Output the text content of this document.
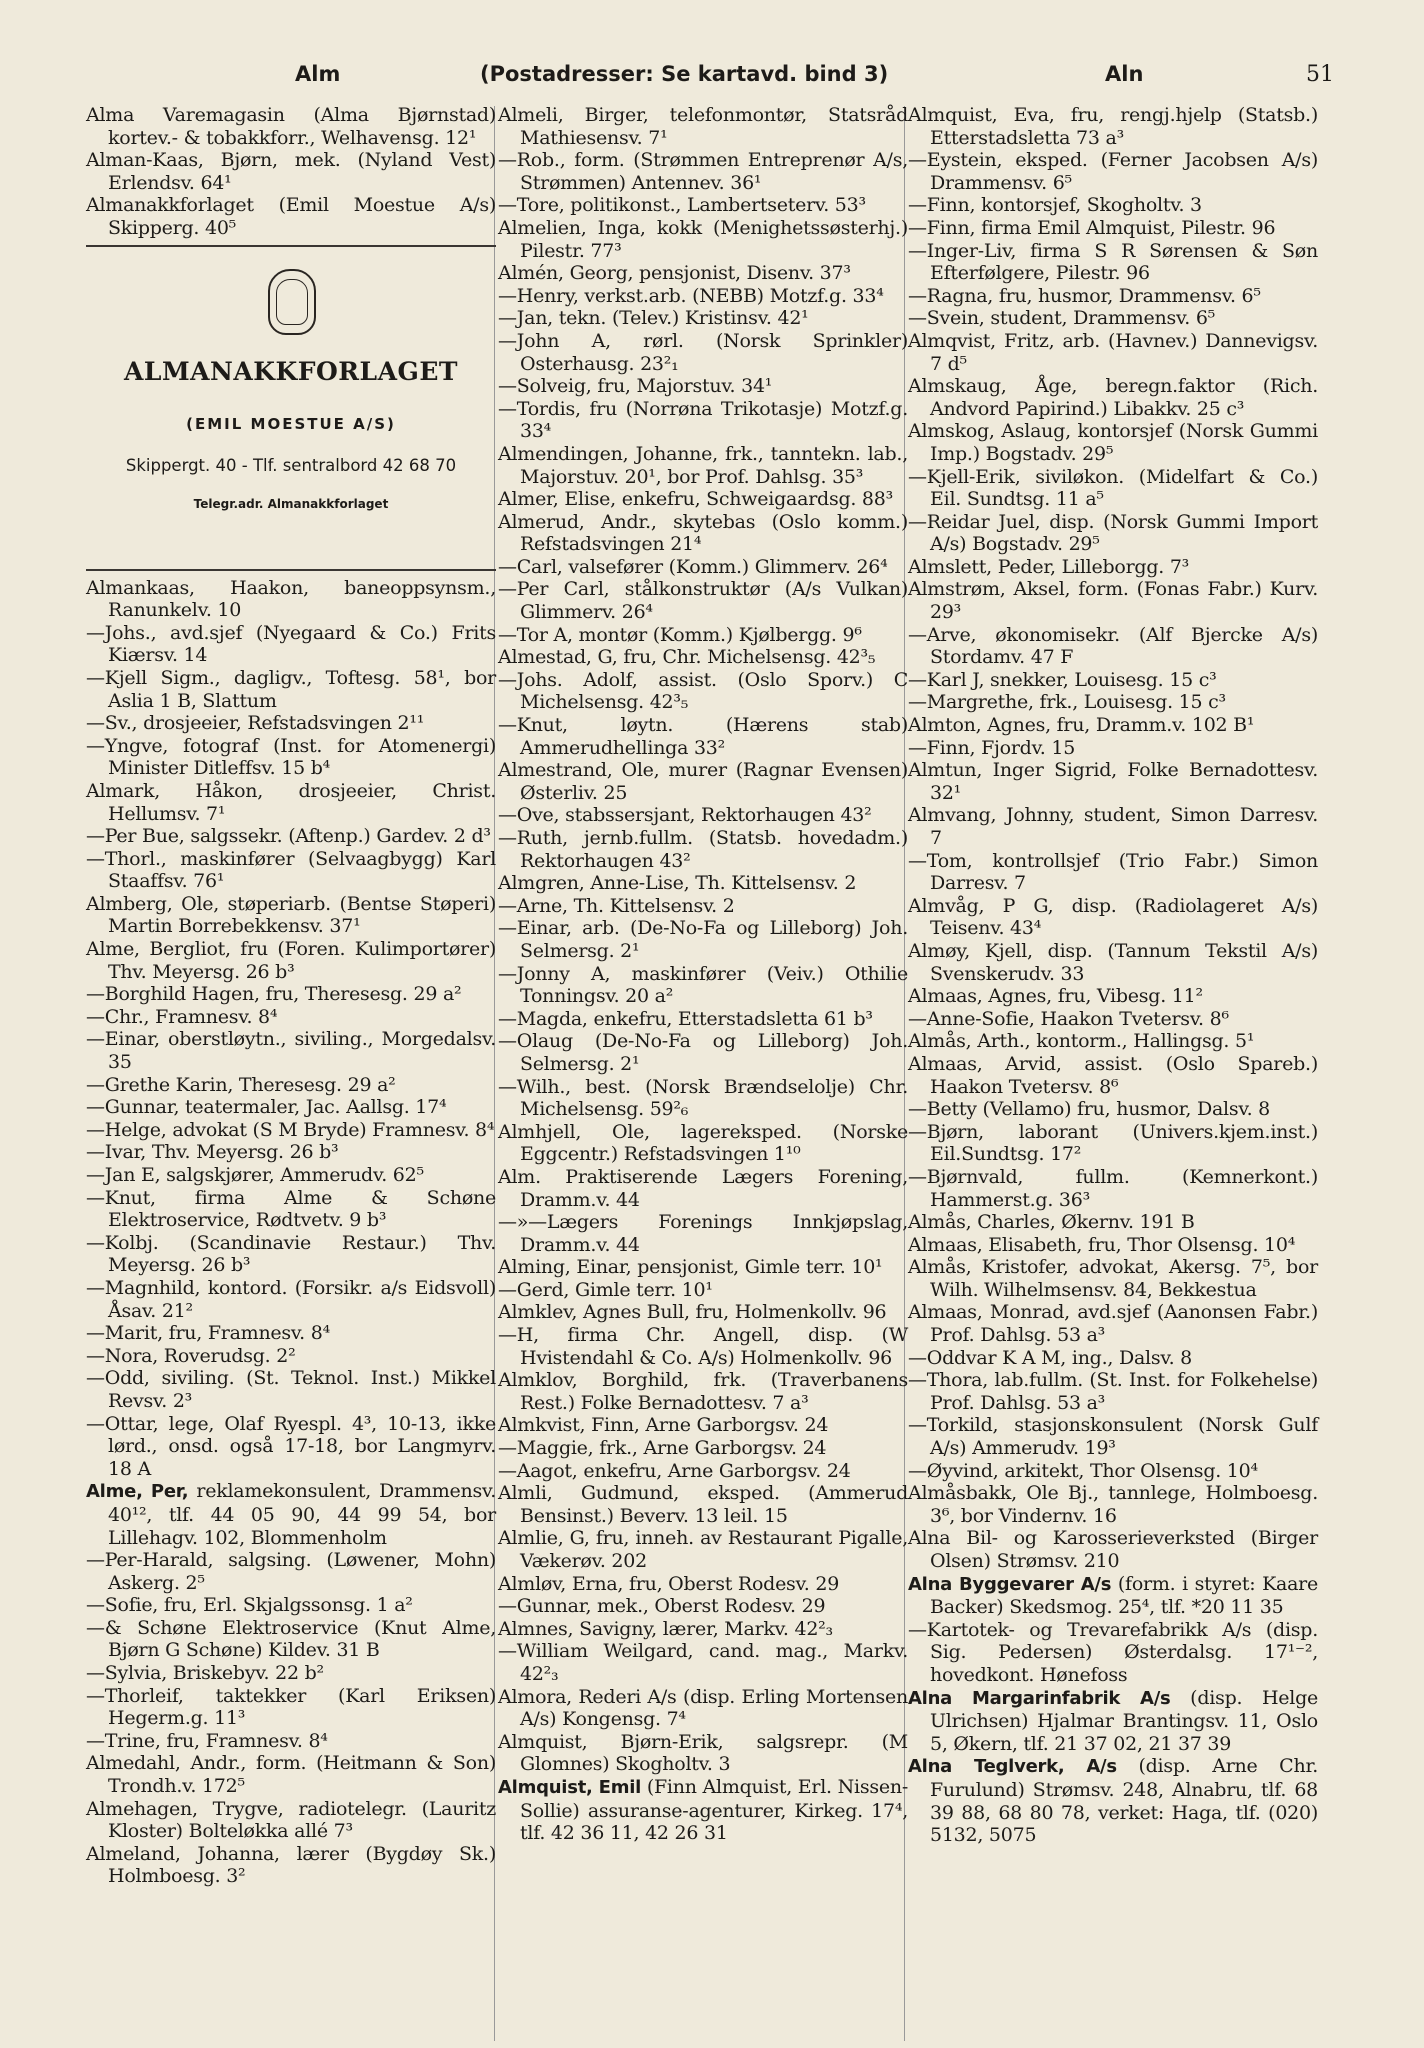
Alm	(Postadresser: Se kartavd. bind 3)	Aln	51

Alma Varemagasin (Alma Bjørnstad) kortev.- & tobakkforr., Welhavensg. 12¹

Alman-Kaas, Bjørn, mek. (Nyland Vest) Erlendsv. 64¹

Almanakkforlaget (Emil Moestue A/s) Skipperg. 40⁵

ALMANAKKFORLAGET
(EMIL MOESTUE A/S)
Skippergt. 40 - Tlf. sentralbord 42 68 70
Telegr.adr. Almanakkforlaget

Almankaas, Haakon, baneoppsynsm., Ranunkelv. 10

—Johs., avd.sjef (Nyegaard & Co.) Frits Kiærsv. 14

—Kjell Sigm., dagligv., Toftesg. 58¹, bor Aslia 1 B, Slattum

—Sv., drosjeeier, Refstadsvingen 2¹¹

—Yngve, fotograf (Inst. for Atomenergi) Minister Ditleffsv. 15 b⁴

Almark, Håkon, drosjeeier, Christ. Hellumsv. 7¹

—Per Bue, salgssekr. (Aftenp.) Gardev. 2 d³

—Thorl., maskinfører (Selvaagbygg) Karl Staaffsv. 76¹

Almberg, Ole, støperiarb. (Bentse Støperi) Martin Borrebekkensv. 37¹

Alme, Bergliot, fru (Foren. Kulimportører) Thv. Meyersg. 26 b³

—Borghild Hagen, fru, Theresesg. 29 a²

—Chr., Framnesv. 8⁴

—Einar, oberstløytn., siviling., Morgedalsv. 35

—Grethe Karin, Theresesg. 29 a²

—Gunnar, teatermaler, Jac. Aallsg. 17⁴

—Helge, advokat (S M Bryde) Framnesv. 8⁴

—Ivar, Thv. Meyersg. 26 b³

—Jan E, salgskjører, Ammerudv. 62⁵

—Knut, firma Alme & Schøne Elektroservice, Rødtvetv. 9 b³

—Kolbj. (Scandinavie Restaur.) Thv. Meyersg. 26 b³

—Magnhild, kontord. (Forsikr. a/s Eidsvoll) Åsav. 21²

—Marit, fru, Framnesv. 8⁴

—Nora, Roverudsg. 2²

—Odd, siviling. (St. Teknol. Inst.) Mikkel Revsv. 2³

—Ottar, lege, Olaf Ryespl. 4³, 10-13, ikke lørd., onsd. også 17-18, bor Langmyrv. 18 A

Alme, Per, reklamekonsulent, Drammensv. 40¹², tlf. 44 05 90, 44 99 54, bor Lillehagv. 102, Blommenholm

—Per-Harald, salgsing. (Løwener, Mohn) Askerg. 2⁵

—Sofie, fru, Erl. Skjalgssonsg. 1 a²

—& Schøne Elektroservice (Knut Alme, Bjørn G Schøne) Kildev. 31 B

—Sylvia, Briskebyv. 22 b²

—Thorleif, taktekker (Karl Eriksen) Hegerm.g. 11³

—Trine, fru, Framnesv. 8⁴

Almedahl, Andr., form. (Heitmann & Son) Trondh.v. 172⁵

Almehagen, Trygve, radiotelegr. (Lauritz Kloster) Bolteløkka allé 7³

Almeland, Johanna, lærer (Bygdøy Sk.) Holmboesg. 3²

Almeli, Birger, telefonmontør, Statsråd Mathiesensv. 7¹

—Rob., form. (Strømmen Entreprenør A/s, Strømmen) Antennev. 36¹

—Tore, politikonst., Lambertseterv. 53³

Almelien, Inga, kokk (Menighetssøsterhj.) Pilestr. 77³

Almén, Georg, pensjonist, Disenv. 37³

—Henry, verkst.arb. (NEBB) Motzf.g. 33⁴

—Jan, tekn. (Telev.) Kristinsv. 42¹

—John A, rørl. (Norsk Sprinkler) Osterhausg. 23²₁

—Solveig, fru, Majorstuv. 34¹

—Tordis, fru (Norrøna Trikotasje) Motzf.g. 33⁴

Almendingen, Johanne, frk., tanntekn. lab., Majorstuv. 20¹, bor Prof. Dahlsg. 35³

Almer, Elise, enkefru, Schweigaardsg. 88³

Almerud, Andr., skytebas (Oslo komm.) Refstadsvingen 21⁴

—Carl, valsefører (Komm.) Glimmerv. 26⁴

—Per Carl, stålkonstruktør (A/s Vulkan) Glimmerv. 26⁴

—Tor A, montør (Komm.) Kjølbergg. 9⁶

Almestad, G, fru, Chr. Michelsensg. 42³₅

—Johs. Adolf, assist. (Oslo Sporv.) C Michelsensg. 42³₅

—Knut, løytn. (Hærens stab) Ammerudhellinga 33²

Almestrand, Ole, murer (Ragnar Evensen) Østerliv. 25

—Ove, stabssersjant, Rektorhaugen 43²

—Ruth, jernb.fullm. (Statsb. hovedadm.) Rektorhaugen 43²

Almgren, Anne-Lise, Th. Kittelsensv. 2

—Arne, Th. Kittelsensv. 2

—Einar, arb. (De-No-Fa og Lilleborg) Joh. Selmersg. 2¹

—Jonny A, maskinfører (Veiv.) Othilie Tonningsv. 20 a²

—Magda, enkefru, Etterstadsletta 61 b³

—Olaug (De-No-Fa og Lilleborg) Joh. Selmersg. 2¹

—Wilh., best. (Norsk Brændselolje) Chr. Michelsensg. 59²₆

Almhjell, Ole, lagereksped. (Norske Eggcentr.) Refstadsvingen 1¹⁰

Alm. Praktiserende Lægers Forening, Dramm.v. 44

—»—Lægers Forenings Innkjøpslag, Dramm.v. 44

Alming, Einar, pensjonist, Gimle terr. 10¹

—Gerd, Gimle terr. 10¹

Almklev, Agnes Bull, fru, Holmenkollv. 96

—H, firma Chr. Angell, disp. (W Hvistendahl & Co. A/s) Holmenkollv. 96

Almklov, Borghild, frk. (Traverbanens Rest.) Folke Bernadottesv. 7 a³

Almkvist, Finn, Arne Garborgsv. 24

—Maggie, frk., Arne Garborgsv. 24

—Aagot, enkefru, Arne Garborgsv. 24

Almli, Gudmund, eksped. (Ammerud Bensinst.) Beverv. 13 leil. 15

Almlie, G, fru, inneh. av Restaurant Pigalle, Vækerøv. 202

Almløv, Erna, fru, Oberst Rodesv. 29

—Gunnar, mek., Oberst Rodesv. 29

Almnes, Savigny, lærer, Markv. 42²₃

—William Weilgard, cand. mag., Markv. 42²₃

Almora, Rederi A/s (disp. Erling Mortensen A/s) Kongensg. 7⁴

Almquist, Bjørn-Erik, salgsrepr. (M Glomnes) Skogholtv. 3

Almquist, Emil (Finn Almquist, Erl. Nissen-Sollie) assuranse-agenturer, Kirkeg. 17⁴, tlf. 42 36 11, 42 26 31

Almquist, Eva, fru, rengj.hjelp (Statsb.) Etterstadsletta 73 a³

—Eystein, eksped. (Ferner Jacobsen A/s) Drammensv. 6⁵

—Finn, kontorsjef, Skogholtv. 3

—Finn, firma Emil Almquist, Pilestr. 96

—Inger-Liv, firma S R Sørensen & Søn Efterfølgere, Pilestr. 96

—Ragna, fru, husmor, Drammensv. 6⁵

—Svein, student, Drammensv. 6⁵

Almqvist, Fritz, arb. (Havnev.) Dannevigsv. 7 d⁵

Almskaug, Åge, beregn.faktor (Rich. Andvord Papirind.) Libakkv. 25 c³

Almskog, Aslaug, kontorsjef (Norsk Gummi Imp.) Bogstadv. 29⁵

—Kjell-Erik, siviløkon. (Midelfart & Co.) Eil. Sundtsg. 11 a⁵

—Reidar Juel, disp. (Norsk Gummi Import A/s) Bogstadv. 29⁵

Almslett, Peder, Lilleborgg. 7³

Almstrøm, Aksel, form. (Fonas Fabr.) Kurv. 29³

—Arve, økonomisekr. (Alf Bjercke A/s) Stordamv. 47 F

—Karl J, snekker, Louisesg. 15 c³

—Margrethe, frk., Louisesg. 15 c³

Almton, Agnes, fru, Dramm.v. 102 B¹

—Finn, Fjordv. 15

Almtun, Inger Sigrid, Folke Bernadottesv. 32¹

Almvang, Johnny, student, Simon Darresv. 7

—Tom, kontrollsjef (Trio Fabr.) Simon Darresv. 7

Almvåg, P G, disp. (Radiolageret A/s) Teisenv. 43⁴

Almøy, Kjell, disp. (Tannum Tekstil A/s) Svenskerudv. 33

Almaas, Agnes, fru, Vibesg. 11²

—Anne-Sofie, Haakon Tvetersv. 8⁶

Almås, Arth., kontorm., Hallingsg. 5¹

Almaas, Arvid, assist. (Oslo Spareb.) Haakon Tvetersv. 8⁶

—Betty (Vellamo) fru, husmor, Dalsv. 8

—Bjørn, laborant (Univers.kjem.inst.) Eil.Sundtsg. 17²

—Bjørnvald, fullm. (Kemnerkont.) Hammerst.g. 36³

Almås, Charles, Økernv. 191 B

Almaas, Elisabeth, fru, Thor Olsensg. 10⁴

Almås, Kristofer, advokat, Akersg. 7⁵, bor Wilh. Wilhelmsensv. 84, Bekkestua

Almaas, Monrad, avd.sjef (Aanonsen Fabr.) Prof. Dahlsg. 53 a³

—Oddvar K A M, ing., Dalsv. 8

—Thora, lab.fullm. (St. Inst. for Folkehelse) Prof. Dahlsg. 53 a³

—Torkild, stasjonskonsulent (Norsk Gulf A/s) Ammerudv. 19³

—Øyvind, arkitekt, Thor Olsensg. 10⁴

Almåsbakk, Ole Bj., tannlege, Holmboesg. 3⁶, bor Vindernv. 16

Alna Bil- og Karosserieverksted (Birger Olsen) Strømsv. 210

Alna Byggevarer A/s (form. i styret: Kaare Backer) Skedsmog. 25⁴, tlf. *20 11 35

—Kartotek- og Trevarefabrikk A/s (disp. Sig. Pedersen) Østerdalsg. 17¹⁻², hovedkont. Hønefoss

Alna Margarinfabrik A/s (disp. Helge Ulrichsen) Hjalmar Brantingsv. 11, Oslo 5, Økern, tlf. 21 37 02, 21 37 39

Alna Teglverk, A/s (disp. Arne Chr. Furulund) Strømsv. 248, Alnabru, tlf. 68 39 88, 68 80 78, verket: Haga, tlf. (020) 5132, 5075
